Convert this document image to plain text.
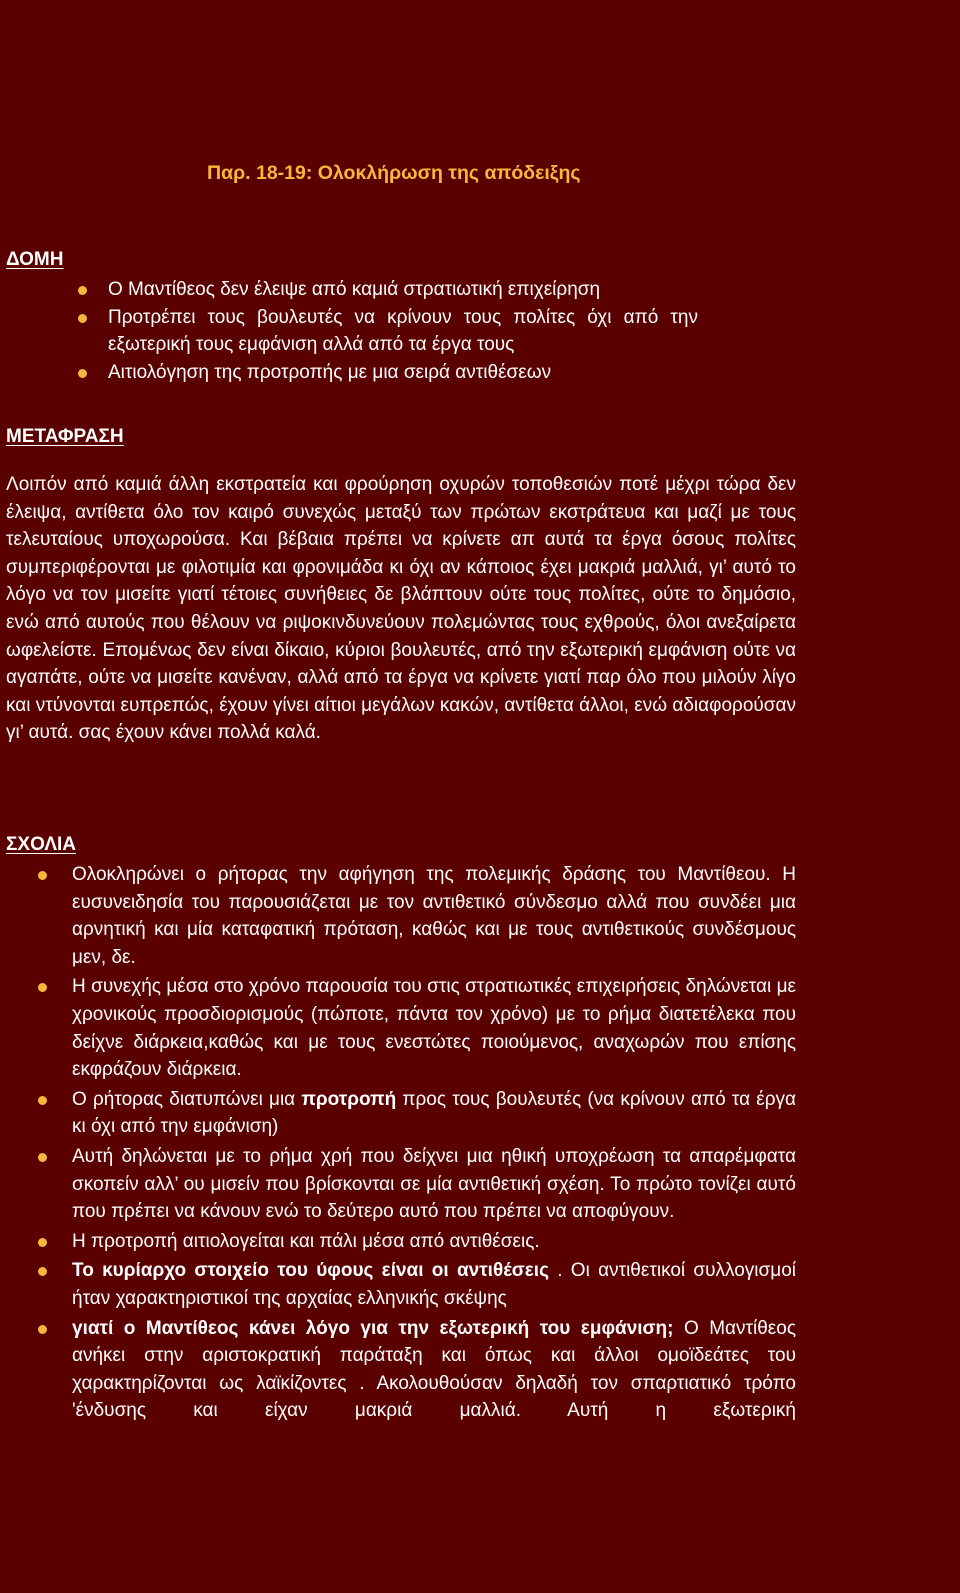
Παρ. 18-19: Ολοκλήρωση της απόδειξης
ΔΟΜΗ
Ο Μαντίθεος δεν έλειψε από καμιά στρατιωτική επιχείρηση
Προτρέπει τους βουλευτές να κρίνουν τους πολίτες όχι από την εξωτερική τους εμφάνιση αλλά από τα έργα τους
Αιτιολόγηση της προτροπής με μια σειρά αντιθέσεων
ΜΕΤΑΦΡΑΣΗ

Λοιπόν από καμιά άλλη εκστρατεία και φρούρηση οχυρών τοποθεσιών ποτέ μέχρι τώρα δεν έλειψα, αντίθετα όλο τον καιρό συνεχώς μεταξύ των πρώτων εκστράτευα και μαζί με τους τελευταίους υποχωρούσα. Και βέβαια πρέπει να κρίνετε απ αυτά τα έργα όσους πολίτες συμπεριφέρονται με φιλοτιμία και φρονιμάδα κι όχι αν κάποιος έχει μακριά μαλλιά, γι’ αυτό το λόγο να τον μισείτε γιατί τέτοιες συνήθειες δε βλάπτουν ούτε τους πολίτες, ούτε το δημόσιο, ενώ από αυτούς που θέλουν να ριψοκινδυνεύουν πολεμώντας τους εχθρούς, όλοι ανεξαίρετα ωφελείστε. Επομένως δεν είναι δίκαιο, κύριοι βουλευτές, από την εξωτερική εμφάνιση ούτε να αγαπάτε, ούτε να μισείτε κανέναν, αλλά από τα έργα να κρίνετε γιατί παρ όλο που μιλούν λίγο και ντύνονται ευπρεπώς, έχουν γίνει αίτιοι μεγάλων κακών, αντίθετα άλλοι, ενώ αδιαφορούσαν γι’ αυτά. σας έχουν κάνει πολλά καλά.

ΣΧΟΛΙΑ
Ολοκληρώνει ο ρήτορας την αφήγηση της πολεμικής δράσης του Μαντίθεου. Η ευσυνειδησία του παρουσιάζεται με τον αντιθετικό σύνδεσμο αλλά που συνδέει μια αρνητική και μία καταφατική πρόταση, καθώς και με τους αντιθετικούς συνδέσμους μεν, δε.
Η συνεχής μέσα στο χρόνο παρουσία του στις στρατιωτικές επιχειρήσεις δηλώνεται με χρονικούς προσδιορισμούς (πώποτε, πάντα τον χρόνο) με το ρήμα διατετέλεκα που δείχνε διάρκεια,καθώς και με τους ενεστώτες ποιούμενος, αναχωρών που επίσης εκφράζουν διάρκεια.
Ο ρήτορας διατυπώνει μια προτροπή προς τους βουλευτές (να κρίνουν από τα έργα κι όχι από την εμφάνιση)
Αυτή δηλώνεται με το ρήμα χρή που δείχνει μια ηθική υποχρέωση τα απαρέμφατα σκοπείν αλλ’ ου μισείν που βρίσκονται σε μία αντιθετική σχέση. Το πρώτο τονίζει αυτό που πρέπει να κάνουν ενώ το δεύτερο αυτό που πρέπει να αποφύγουν.
Η προτροπή αιτιολογείται και πάλι μέσα από αντιθέσεις.
Το κυρίαρχο στοιχείο του ύφους είναι οι αντιθέσεις . Οι αντιθετικοί συλλογισμοί ήταν χαρακτηριστικοί της αρχαίας ελληνικής σκέψης
γιατί ο Μαντίθεος κάνει λόγο για την εξωτερική του εμφάνιση; Ο Μαντίθεος ανήκει στην αριστοκρατική παράταξη και όπως και άλλοι ομοϊδεάτες του χαρακτηρίζονται ως λαϊκίζοντες . Ακολουθούσαν δηλαδή τον σπαρτιατικό τρόπο 'ένδυσης και είχαν μακριά μαλλιά. Αυτή η εξωτερική
